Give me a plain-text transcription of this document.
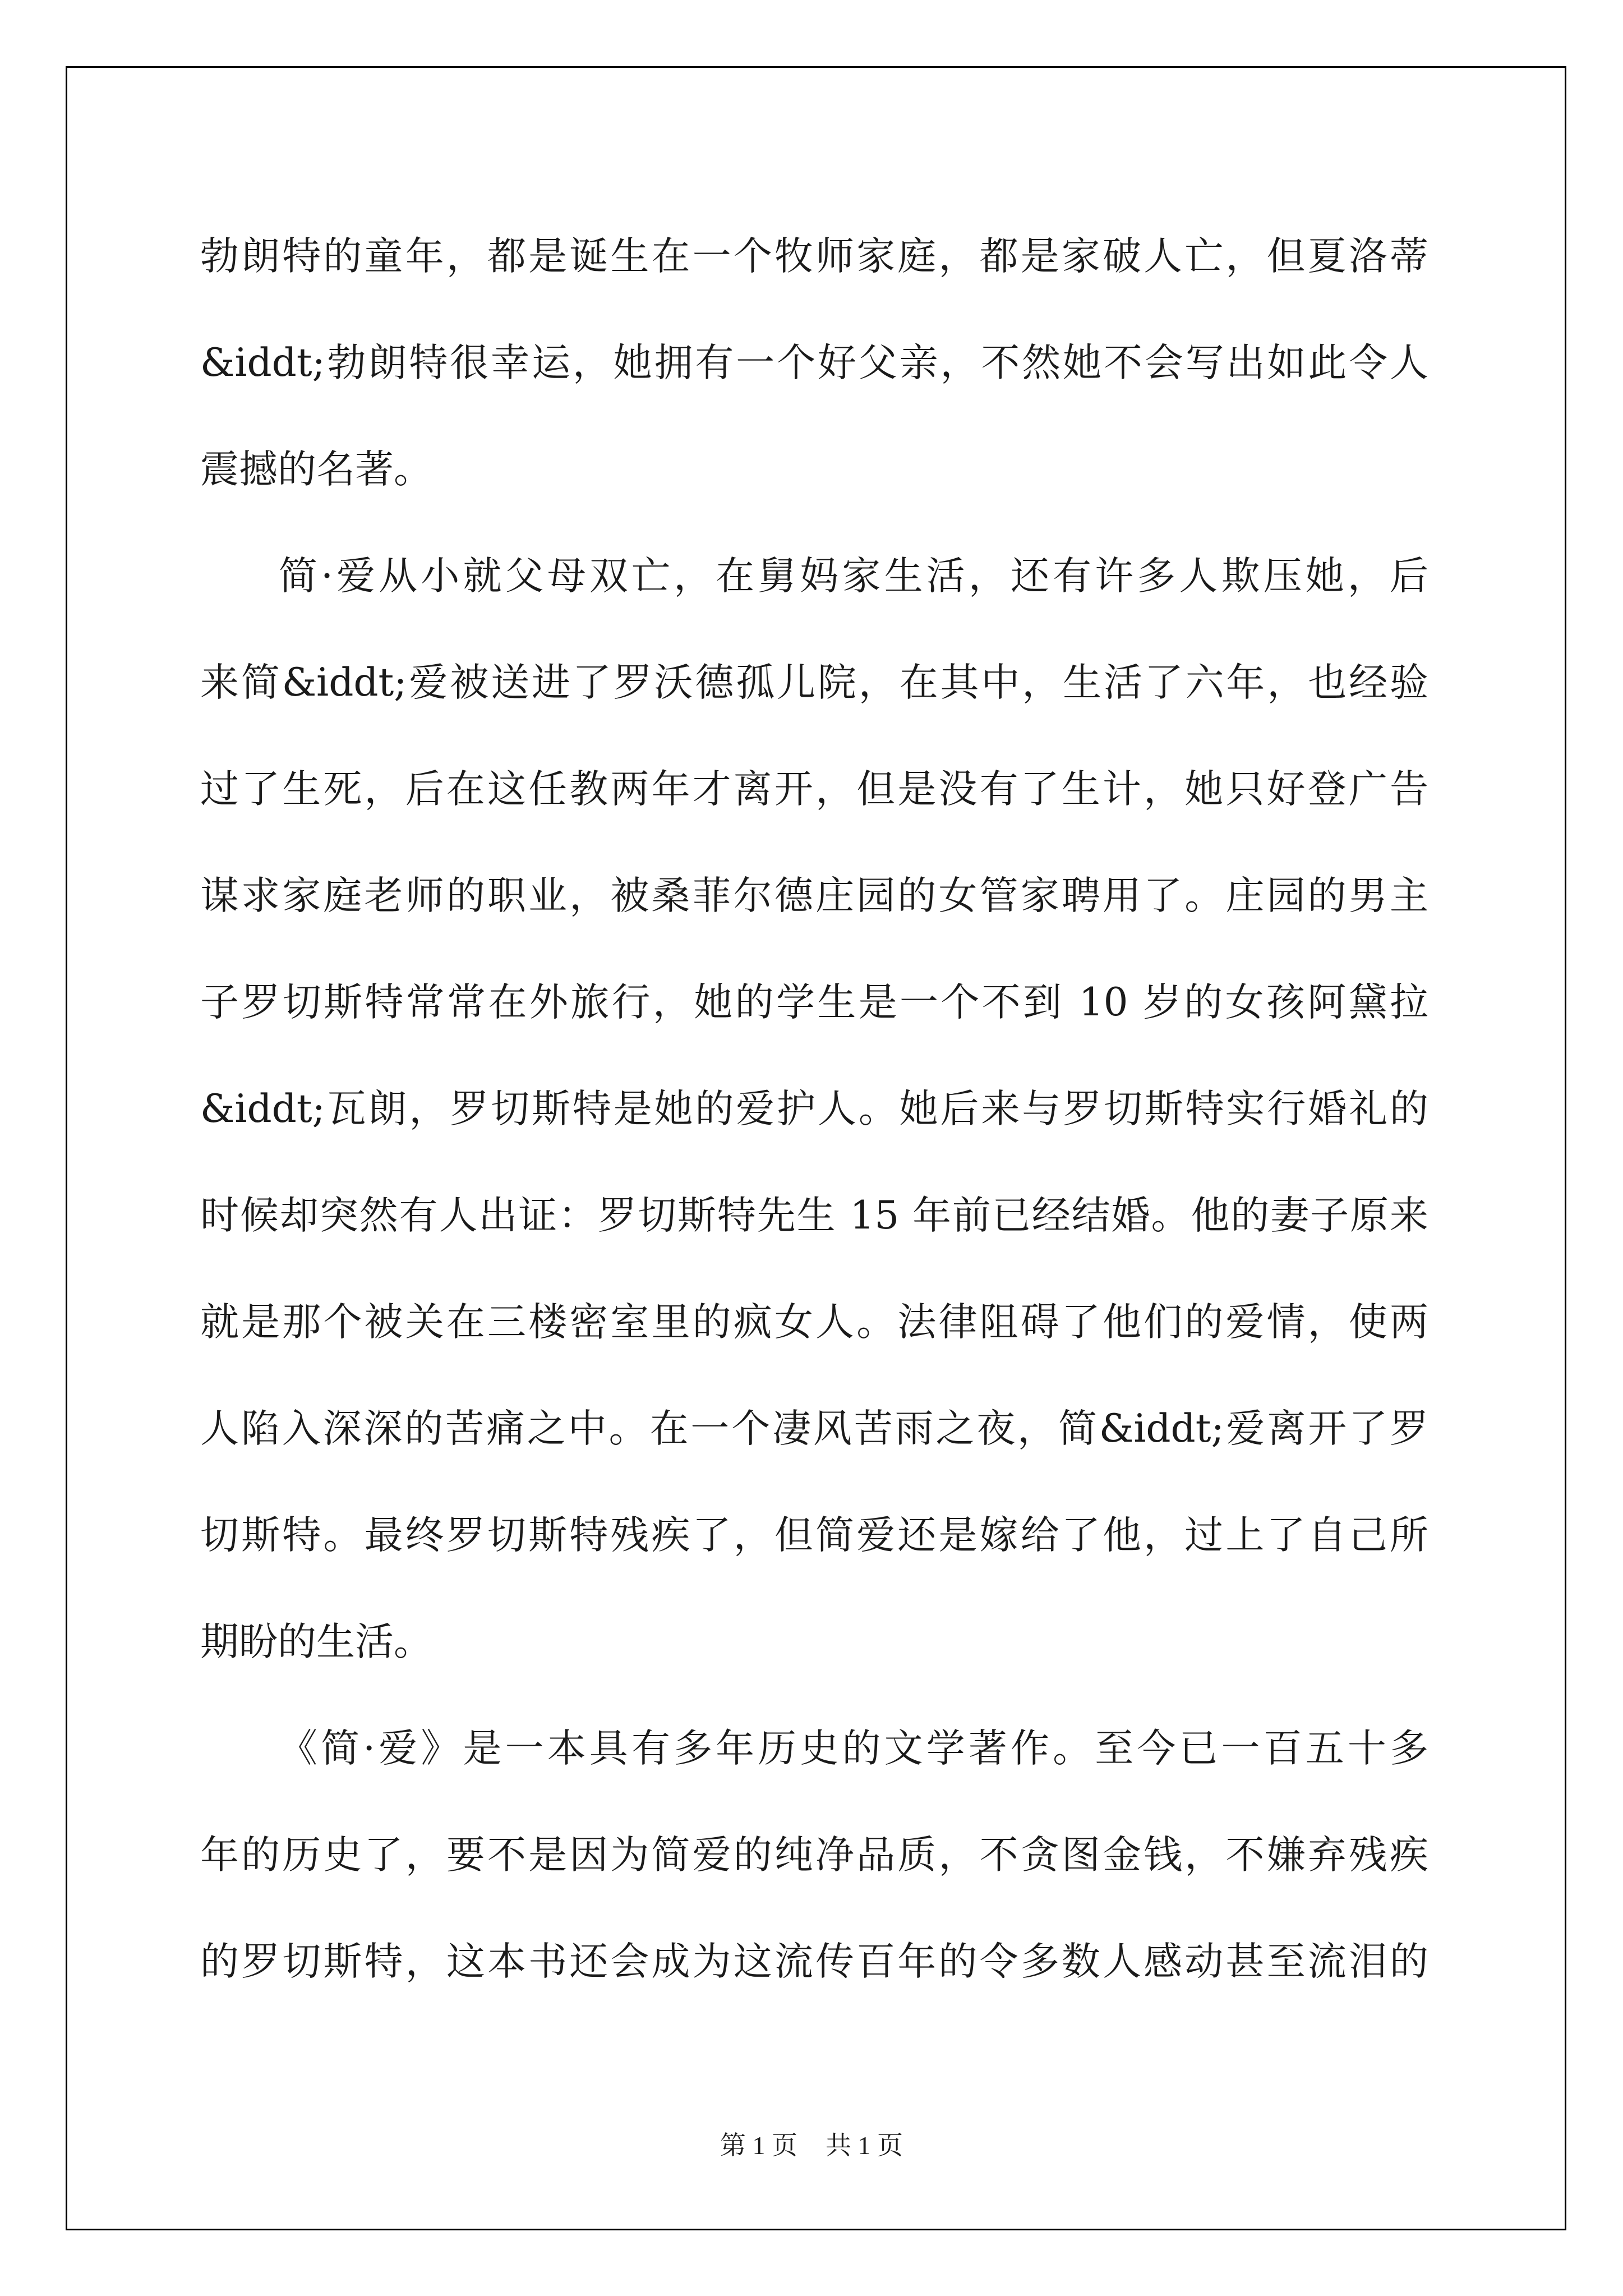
勃朗特的童年，都是诞生在一个牧师家庭，都是家破人亡，但夏洛蒂
&iddt;勃朗特很幸运，她拥有一个好父亲，不然她不会写出如此令人
震撼的名著。
简·爱从小就父母双亡，在舅妈家生活，还有许多人欺压她，后
来简&iddt;爱被送进了罗沃德孤儿院，在其中，生活了六年，也经验
过了生死，后在这任教两年才离开，但是没有了生计，她只好登广告
谋求家庭老师的职业，被桑菲尔德庄园的女管家聘用了。庄园的男主
子罗切斯特常常在外旅行，她的学生是一个不到 10 岁的女孩阿黛拉
&iddt;瓦朗，罗切斯特是她的爱护人。她后来与罗切斯特实行婚礼的
时候却突然有人出证：罗切斯特先生 15 年前已经结婚。他的妻子原来
就是那个被关在三楼密室里的疯女人。法律阻碍了他们的爱情，使两
人陷入深深的苦痛之中。在一个凄风苦雨之夜，简&iddt;爱离开了罗
切斯特。最终罗切斯特残疾了，但简爱还是嫁给了他，过上了自己所
期盼的生活。
《简·爱》是一本具有多年历史的文学著作。至今已一百五十多
年的历史了，要不是因为简爱的纯净品质，不贪图金钱，不嫌弃残疾
的罗切斯特，这本书还会成为这流传百年的令多数人感动甚至流泪的
第 1 页 共 1 页
